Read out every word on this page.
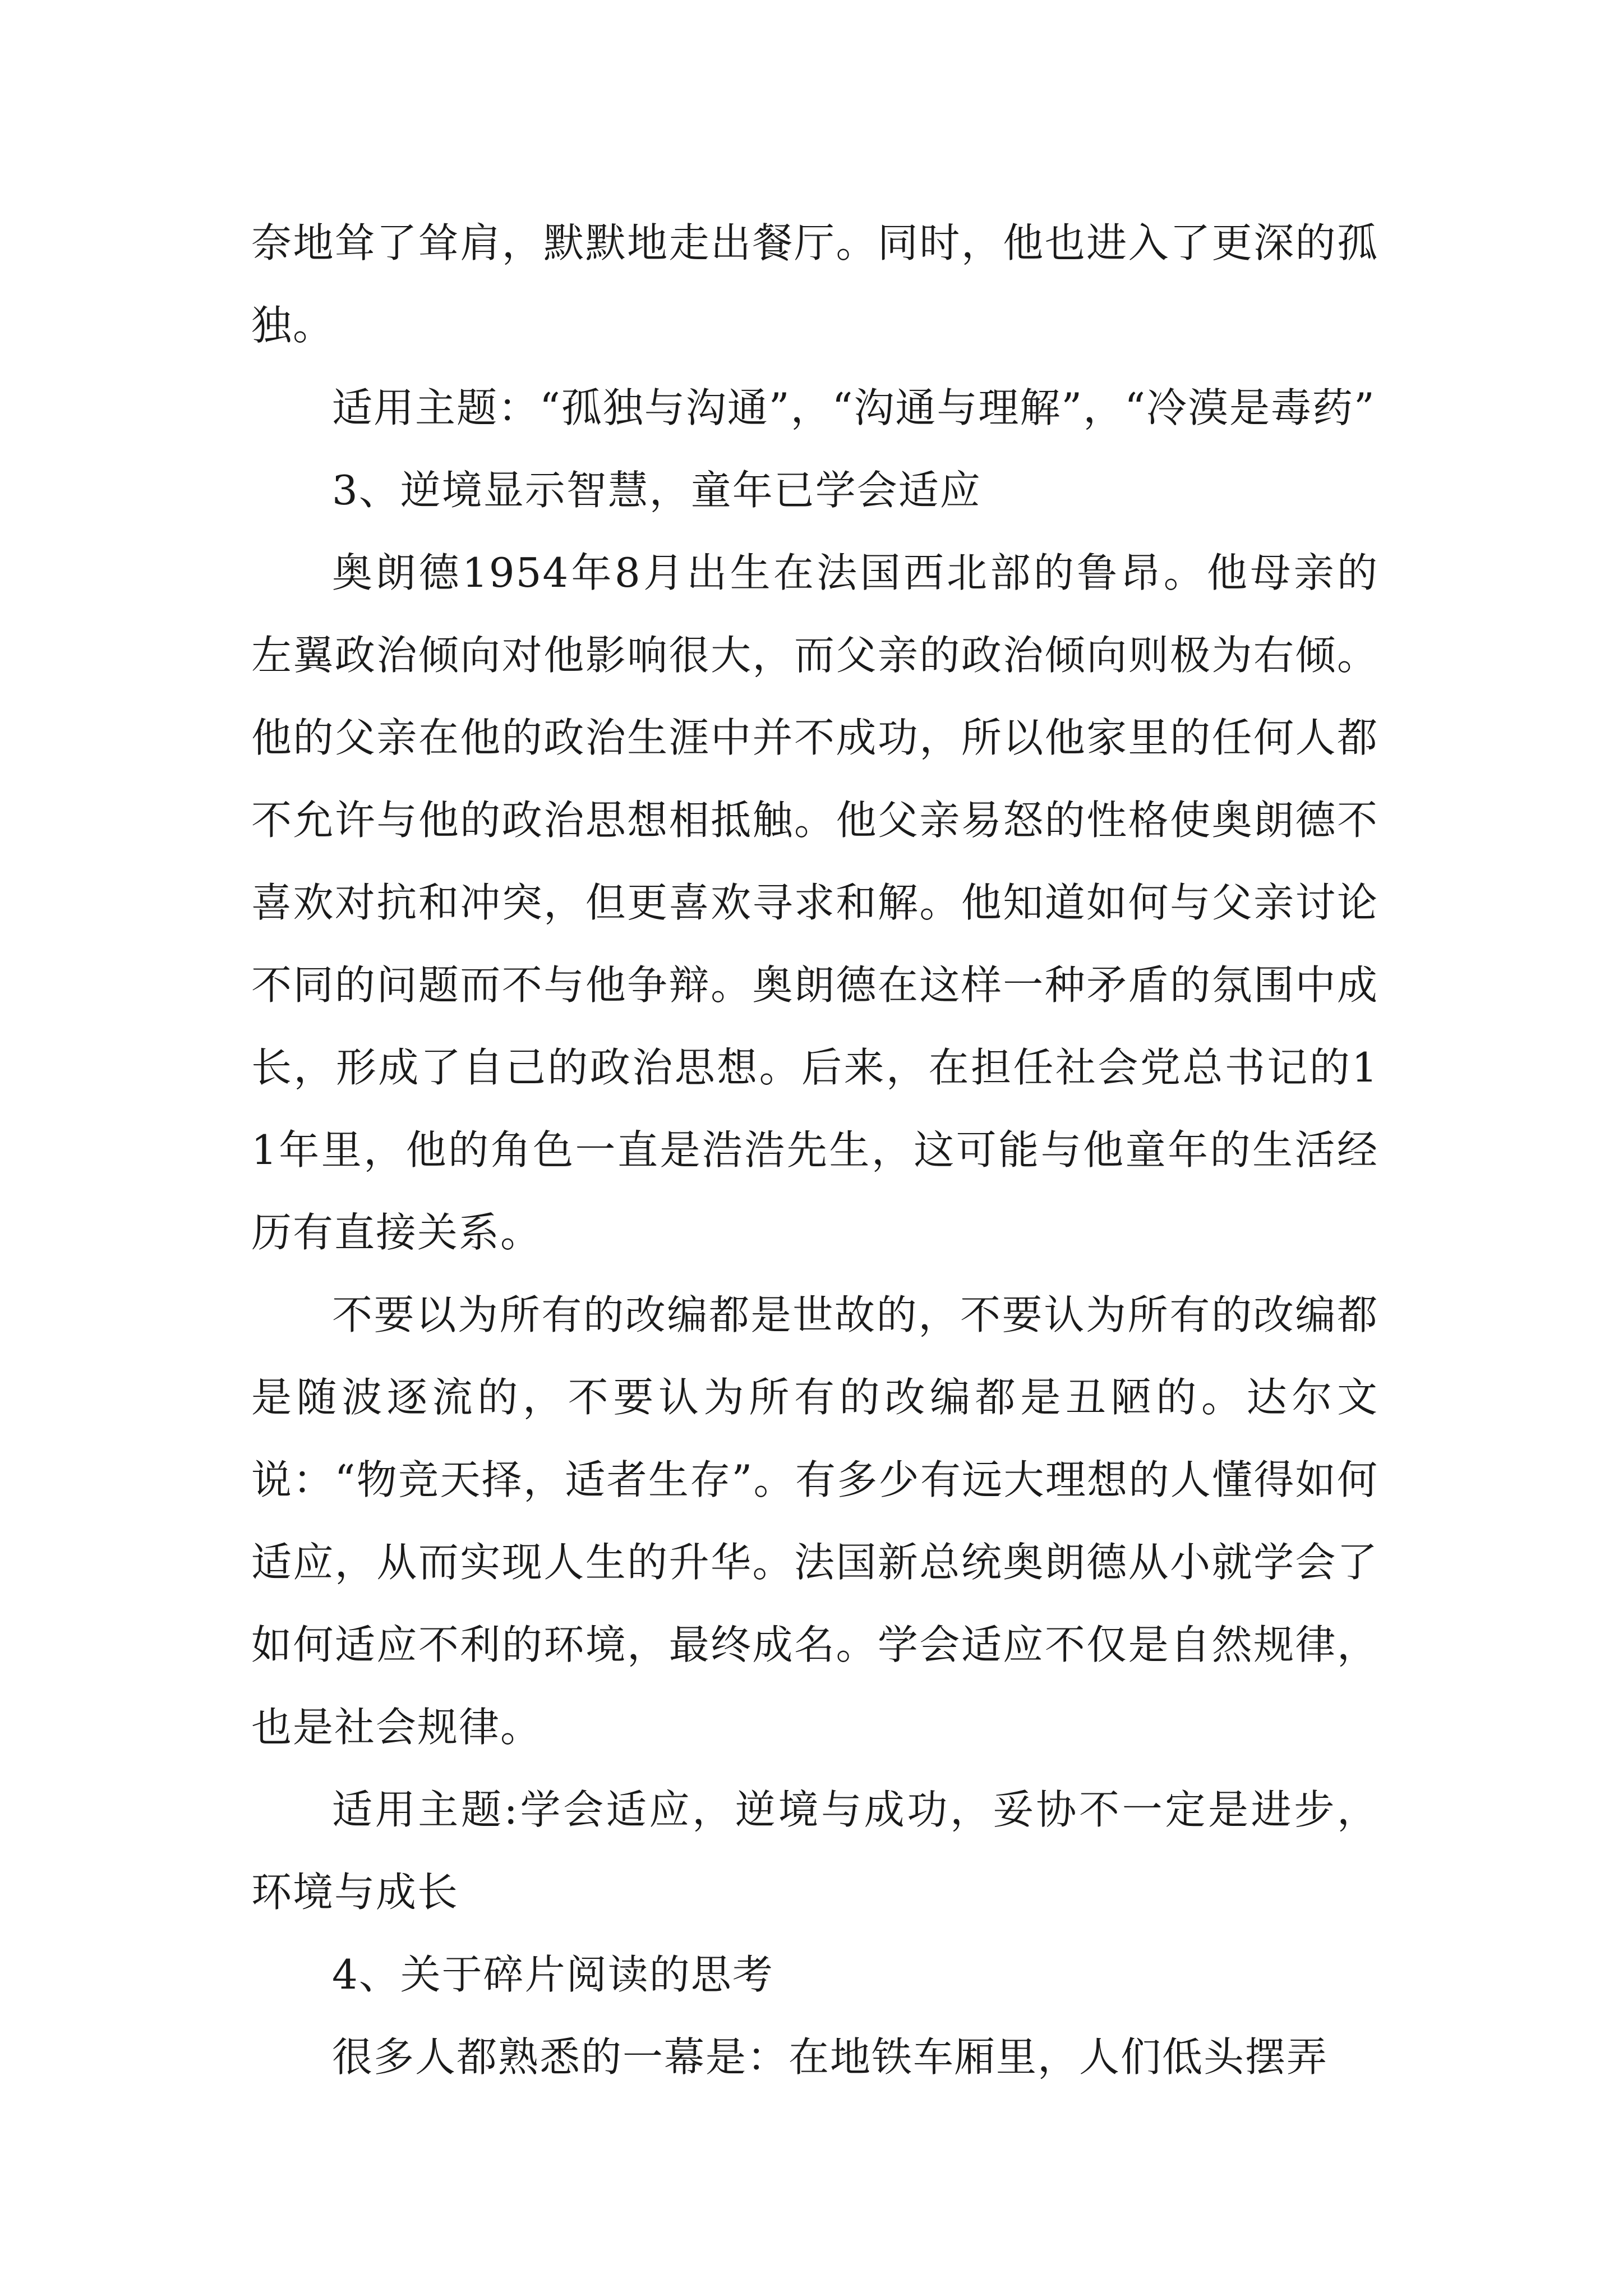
奈地耸了耸肩，默默地走出餐厅。同时，他也进入了更深的孤独。

适用主题：“孤独与沟通”，“沟通与理解”，“冷漠是毒药”

3、逆境显示智慧，童年已学会适应

奥朗德1954年8月出生在法国西北部的鲁昂。他母亲的左翼政治倾向对他影响很大，而父亲的政治倾向则极为右倾。他的父亲在他的政治生涯中并不成功，所以他家里的任何人都不允许与他的政治思想相抵触。他父亲易怒的性格使奥朗德不喜欢对抗和冲突，但更喜欢寻求和解。他知道如何与父亲讨论不同的问题而不与他争辩。奥朗德在这样一种矛盾的氛围中成长，形成了自己的政治思想。后来，在担任社会党总书记的11年里，他的角色一直是浩浩先生，这可能与他童年的生活经历有直接关系。

不要以为所有的改编都是世故的，不要认为所有的改编都是随波逐流的，不要认为所有的改编都是丑陋的。达尔文说：“物竞天择，适者生存”。有多少有远大理想的人懂得如何适应，从而实现人生的升华。法国新总统奥朗德从小就学会了如何适应不利的环境，最终成名。学会适应不仅是自然规律，也是社会规律。

适用主题:学会适应，逆境与成功，妥协不一定是进步，环境与成长

4、关于碎片阅读的思考

很多人都熟悉的一幕是：在地铁车厢里，人们低头摆弄
